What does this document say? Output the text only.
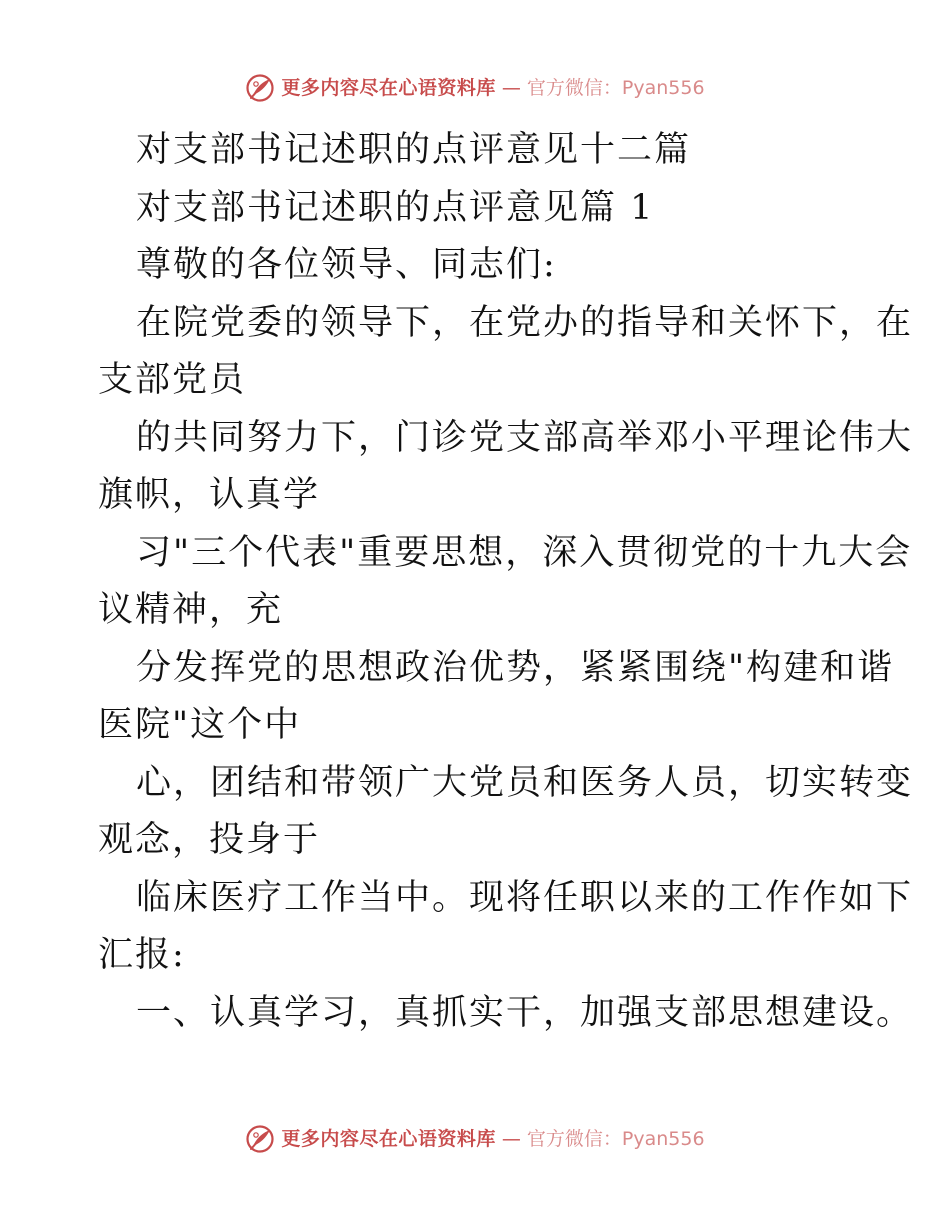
更多内容尽在心语资料库 — 官方微信：Pyan556

对支部书记述职的点评意见十二篇

对支部书记述职的点评意见篇 1

尊敬的各位领导、同志们:

在院党委的领导下，在党办的指导和关怀下，在

支部党员

的共同努力下，门诊党支部高举邓小平理论伟大

旗帜，认真学

习"三个代表"重要思想，深入贯彻党的十九大会

议精神，充

分发挥党的思想政治优势，紧紧围绕"构建和谐

医院"这个中

心，团结和带领广大党员和医务人员，切实转变

观念，投身于

临床医疗工作当中。现将任职以来的工作作如下

汇报:

一、认真学习，真抓实干，加强支部思想建设。

更多内容尽在心语资料库 — 官方微信：Pyan556
